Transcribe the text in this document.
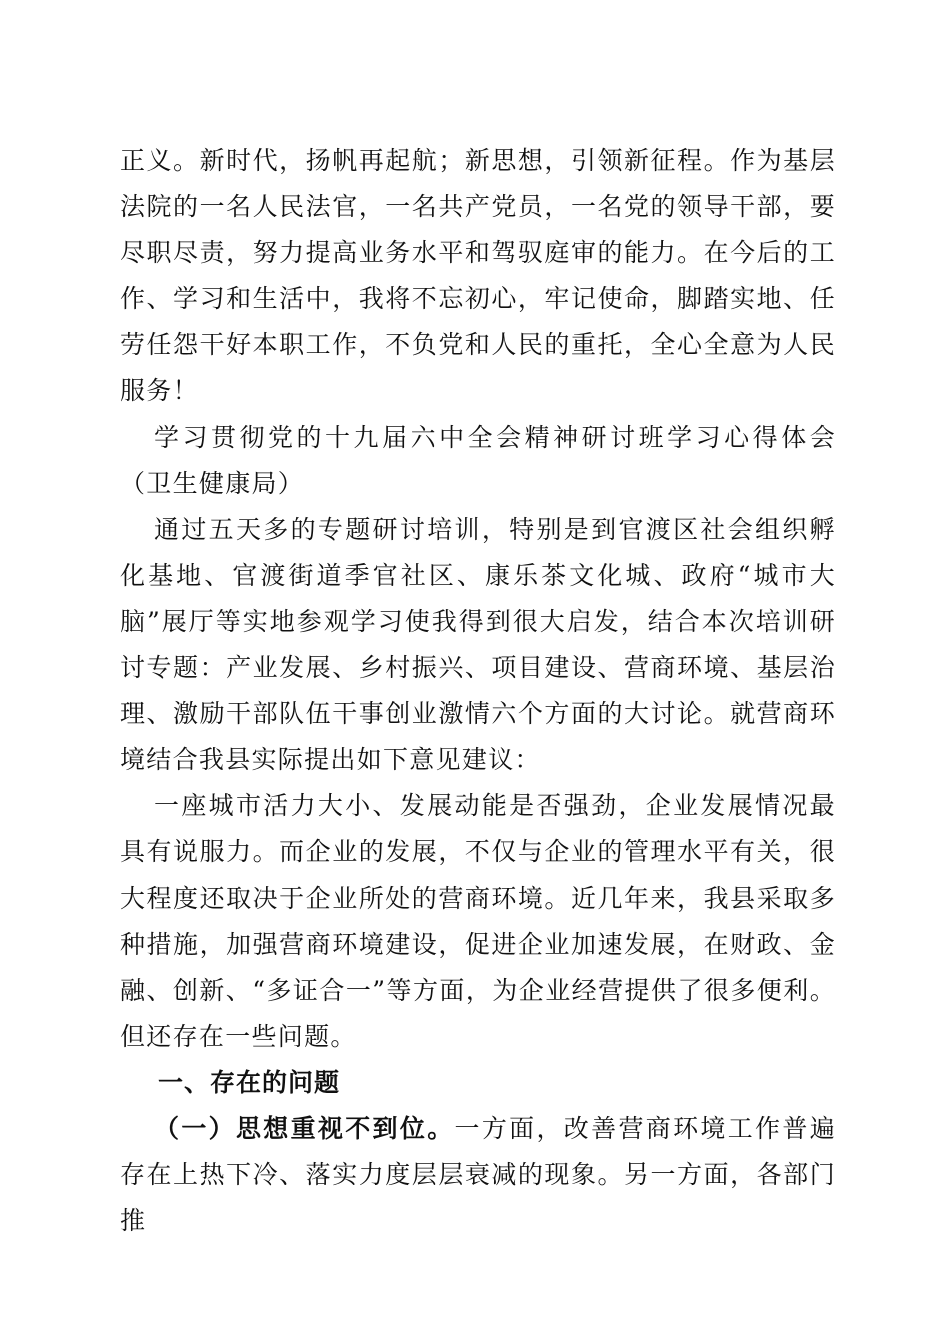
正义。新时代，扬帆再起航；新思想，引领新征程。作为基层法院的一名人民法官，一名共产党员，一名党的领导干部，要尽职尽责，努力提高业务水平和驾驭庭审的能力。在今后的工作、学习和生活中，我将不忘初心，牢记使命，脚踏实地、任劳任怨干好本职工作，不负党和人民的重托，全心全意为人民服务！

学习贯彻党的十九届六中全会精神研讨班学习心得体会（卫生健康局）

通过五天多的专题研讨培训，特别是到官渡区社会组织孵化基地、官渡街道季官社区、康乐茶文化城、政府“城市大脑”展厅等实地参观学习使我得到很大启发，结合本次培训研讨专题：产业发展、乡村振兴、项目建设、营商环境、基层治理、激励干部队伍干事创业激情六个方面的大讨论。就营商环境结合我县实际提出如下意见建议：

一座城市活力大小、发展动能是否强劲，企业发展情况最具有说服力。而企业的发展，不仅与企业的管理水平有关，很大程度还取决于企业所处的营商环境。近几年来，我县采取多种措施，加强营商环境建设，促进企业加速发展，在财政、金融、创新、“多证合一”等方面，为企业经营提供了很多便利。但还存在一些问题。

一、存在的问题

（一）思想重视不到位。一方面，改善营商环境工作普遍存在上热下冷、落实力度层层衰减的现象。另一方面，各部门推
